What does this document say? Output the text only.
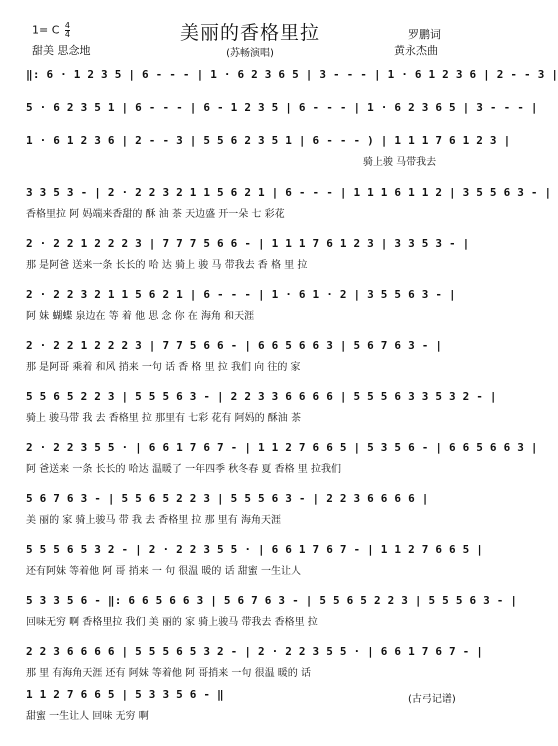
美丽的香格里拉
(苏畅演唱)
1= C $\frac{4}{4}$
甜美 思念地
罗鹏词
黄永杰曲
‖: 6 · 1 2 3 5 | 6 - - - | 1 · 6 2 3 6 5 | 3 - - - | 1 · 6 1 2 3 6 | 2 - - 3 |
5 · 6 2 3 5 1 | 6 - - - | 6 - 1 2 3 5 | 6 - - - | 1 · 6 2 3 6 5 | 3 - - - |
1 · 6 1 2 3 6 | 2 - - 3 | 5 5 6 2 3 5 1 | 6 - - - ) | 1 1 1 7 6 1 2 3 |
骑上骏 马带我去
3 3 5 3 - | 2 · 2 2 3 2 1 1 5 6 2 1 | 6 - - - | 1 1 1 6 1 1 2 | 3 5 5 6 3 - |
香格里拉 阿 妈端来香甜的 酥 油 茶 天边盛 开一朵 七 彩花
2 · 2 2 1 2 2 2 3 | 7 7 7 5 6 6 - | 1 1 1 7 6 1 2 3 | 3 3 5 3 - |
那 是阿爸 送来一条 长长的 哈 达 骑上 骏 马 带我去 香 格 里 拉
2 · 2 2 3 2 1 1 5 6 2 1 | 6 - - - | 1 · 6 1 · 2 | 3 5 5 6 3 - |
阿 妹 蝴蝶 泉边在 等 着 他 思 念 你 在 海角 和天涯
2 · 2 2 1 2 2 2 3 | 7 7 5 6 6 - | 6 6 5 6 6 3 | 5 6 7 6 3 - |
那 是阿哥 乘着 和风 捎来 一句 话 香 格 里 拉 我们 向 往的 家
5 5 6 5 2 2 3 | 5 5 5 6 3 - | 2 2 3 3 6 6 6 6 | 5 5 5 6 3 3 5 3 2 - |
骑上 骏马带 我 去 香格里 拉 那里有 七彩 花有 阿妈的 酥油 茶
2 · 2 2 3 5 5 · | 6 6 1 7 6 7 - | 1 1 2 7 6 6 5 | 5 3 5 6 - | 6 6 5 6 6 3 |
阿 爸送来 一条 长长的 哈达 温暖了 一年四季 秋冬春 夏 香格 里 拉我们
5 6 7 6 3 - | 5 5 6 5 2 2 3 | 5 5 5 6 3 - | 2 2 3 6 6 6 6 |
美 丽的 家 骑上骏马 带 我 去 香格里 拉 那 里有 海角天涯
5 5 5 6 5 3 2 - | 2 · 2 2 3 5 5 · | 6 6 1 7 6 7 - | 1 1 2 7 6 6 5 |
还有阿妹 等着他 阿 哥 捎来 一 句 很温 暖的 话 甜蜜 一生让人
5 3 3 5 6 - ‖: 6 6 5 6 6 3 | 5 6 7 6 3 - | 5 5 6 5 2 2 3 | 5 5 5 6 3 - |
回味无穷 啊 香格里拉 我们 美 丽的 家 骑上骏马 带我去 香格里 拉
2 2 3 6 6 6 6 | 5 5 5 6 5 3 2 - | 2 · 2 2 3 5 5 · | 6 6 1 7 6 7 - |
那 里 有海角天涯 还有 阿妹 等着他 阿 哥捎来 一句 很温 暖的 话
1 1 2 7 6 6 5 | 5 3 3 5 6 - ‖
甜蜜 一生让人 回味 无穷 啊
(古弓记谱)
